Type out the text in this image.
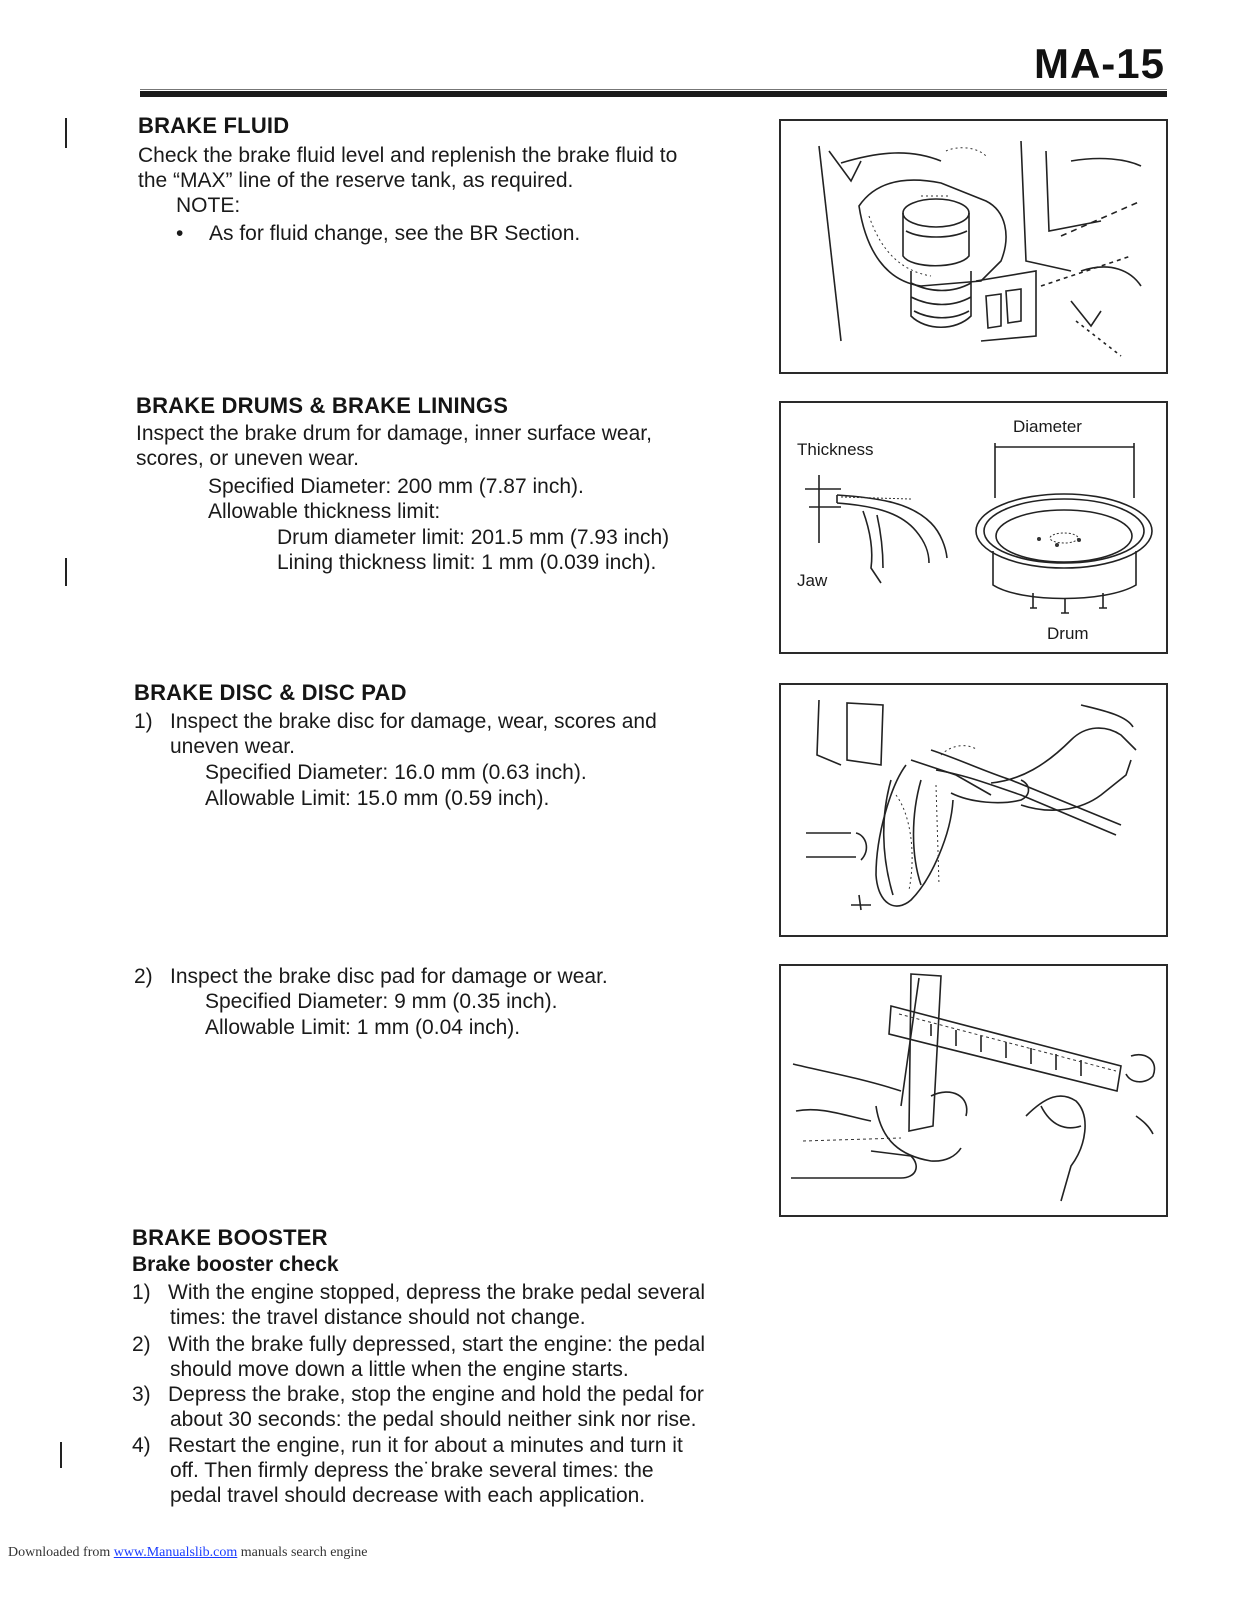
MA-15
BRAKE FLUID
Check the brake fluid level and replenish the brake fluid to
the “MAX” line of the reserve tank, as required.
NOTE:
• As for fluid change, see the BR Section.
BRAKE DRUMS & BRAKE LININGS
Inspect the brake drum for damage, inner surface wear,
scores, or uneven wear.
Specified Diameter: 200 mm (7.87 inch).
Allowable thickness limit:
Drum diameter limit: 201.5 mm (7.93 inch)
Lining thickness limit: 1 mm (0.039 inch).
Diameter
Thickness
Jaw
Drum
BRAKE DISC & DISC PAD
1) Inspect the brake disc for damage, wear, scores and
uneven wear.
Specified Diameter: 16.0 mm (0.63 inch).
Allowable Limit: 15.0 mm (0.59 inch).
2) Inspect the brake disc pad for damage or wear.
Specified Diameter: 9 mm (0.35 inch).
Allowable Limit: 1 mm (0.04 inch).
BRAKE BOOSTER
Brake booster check
1) With the engine stopped, depress the brake pedal several
times: the travel distance should not change.
2) With the brake fully depressed, start the engine: the pedal
should move down a little when the engine starts.
3) Depress the brake, stop the engine and hold the pedal for
about 30 seconds: the pedal should neither sink nor rise.
4) Restart the engine, run it for about a minutes and turn it
off. Then firmly depress the˙brake several times: the
pedal travel should decrease with each application.
Downloaded from www.Manualslib.com manuals search engine
